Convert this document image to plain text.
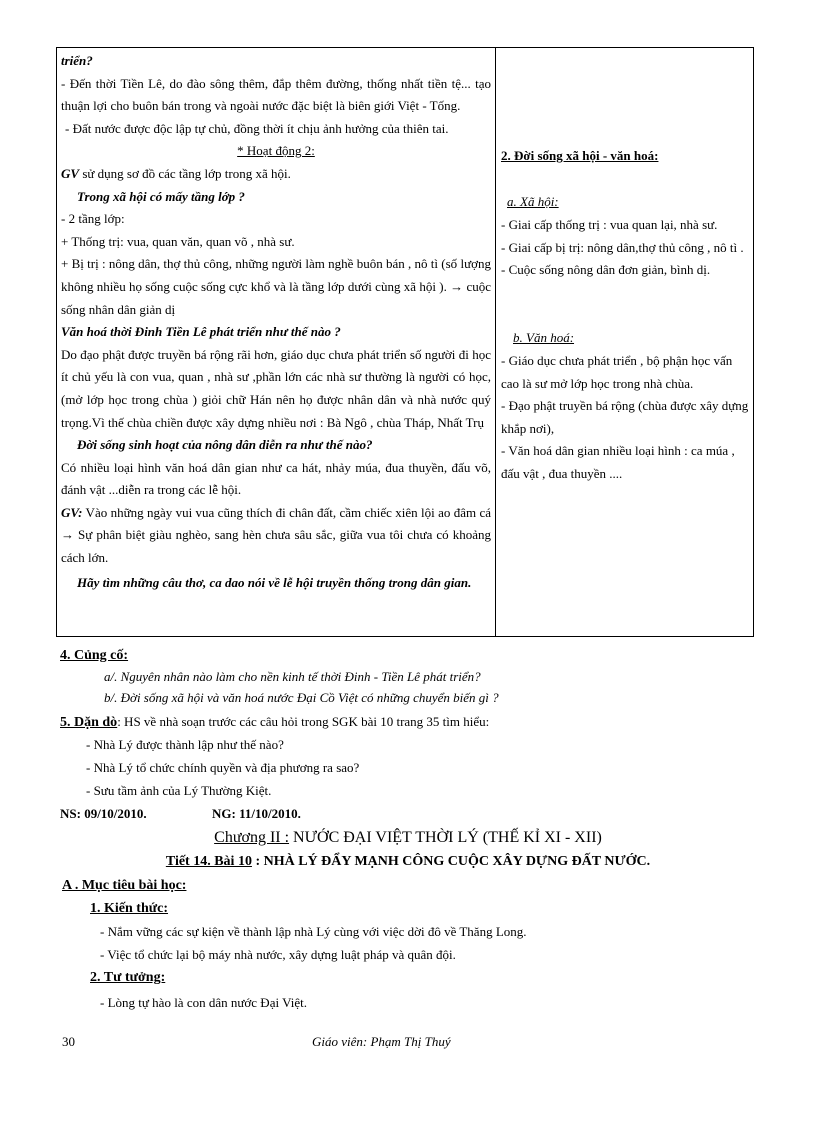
triển?

- Đến thời Tiền Lê, do đào sông thêm, đắp thêm đường, thống nhất tiền tệ... tạo thuận lợi cho buôn bán trong và ngoài nước đặc biệt là biên giới Việt - Tống.

- Đất nước được độc lập tự chủ, đồng thời ít chịu ảnh hưởng của thiên tai.

* Hoạt động 2:

GV sử dụng sơ đồ các tầng lớp trong xã hội.

Trong xã hội có mấy tầng lớp ?

- 2 tầng lớp:

+ Thống trị: vua, quan văn, quan võ , nhà sư.

+ Bị trị : nông dân, thợ thủ công, những người làm nghề buôn bán , nô tì (số lượng không nhiều họ sống cuộc sống cực khổ và là tầng lớp dưới cùng xã hội ). → cuộc sống nhân dân giản dị

Văn hoá thời Đinh Tiền Lê phát triển như thế nào ?

Do đạo phật được truyền bá rộng rãi hơn, giáo dục chưa phát triển số người đi học ít chủ yếu là con vua, quan , nhà sư ,phần lớn các nhà sư thường là người có học,(mở lớp học trong chùa ) giỏi chữ Hán nên họ được nhân dân và nhà nước quý trọng.Vì thế chùa chiền được xây dựng nhiều nơi : Bà Ngô , chùa Tháp, Nhất Trụ

Đời sống sinh hoạt của nông dân diễn ra như thế nào?

Có nhiều loại hình văn hoá dân gian như ca hát, nhảy múa, đua thuyền, đấu võ, đánh vật ...diễn ra trong các lễ hội.

GV: Vào những ngày vui vua cũng thích đi chân đất, cầm chiếc xiên lội ao đâm cá → Sự phân biệt giàu nghèo, sang hèn chưa sâu sắc, giữa vua tôi chưa có khoảng cách lớn.

Hãy tìm những câu thơ, ca dao nói về lễ hội truyền thống trong dân gian.

2. Đời sống xã hội - văn hoá:

a. Xã hội:

- Giai cấp thống trị : vua quan lại, nhà sư.

- Giai cấp bị trị: nông dân,thợ thủ công , nô tì .

- Cuộc sống nông dân đơn giản, bình dị.

b. Văn hoá:

- Giáo dục chưa phát triển , bộ phận học vấn cao là sư mở lớp học trong nhà chùa.

- Đạo phật truyền bá rộng (chùa được xây dựng khắp nơi),

- Văn hoá dân gian nhiều loại hình : ca múa , đấu vật , đua thuyền ....

4. Củng cố:
a/. Nguyên nhân nào làm cho nền kinh tế thời Đinh - Tiền Lê phát triển?
b/. Đời sống xã hội và văn hoá nước Đại Cồ Việt có những chuyển biến gì ?
5. Dặn dò: HS về nhà soạn trước các câu hỏi trong SGK bài 10 trang 35 tìm hiểu:
- Nhà Lý được thành lập như thế nào?
- Nhà Lý tổ chức chính quyền và địa phương ra sao?
- Sưu tầm ảnh của Lý Thường Kiệt.
NS: 09/10/2010.	NG: 11/10/2010.
Chương II : NƯỚC ĐẠI VIỆT THỜI LÝ (THẾ KỈ XI - XII)
Tiết 14. Bài 10 : NHÀ LÝ ĐẨY MẠNH CÔNG CUỘC XÂY DỰNG ĐẤT NƯỚC.
A . Mục tiêu bài học:
1. Kiến thức:
- Nắm vững các sự kiện về thành lập nhà Lý cùng với việc dời đô về Thăng Long.
- Việc tổ chức lại bộ máy nhà nước, xây dựng luật pháp và quân đội.
2. Tư tưởng:
- Lòng tự hào là con dân nước Đại Việt.
30	Giáo viên: Phạm Thị Thuý
